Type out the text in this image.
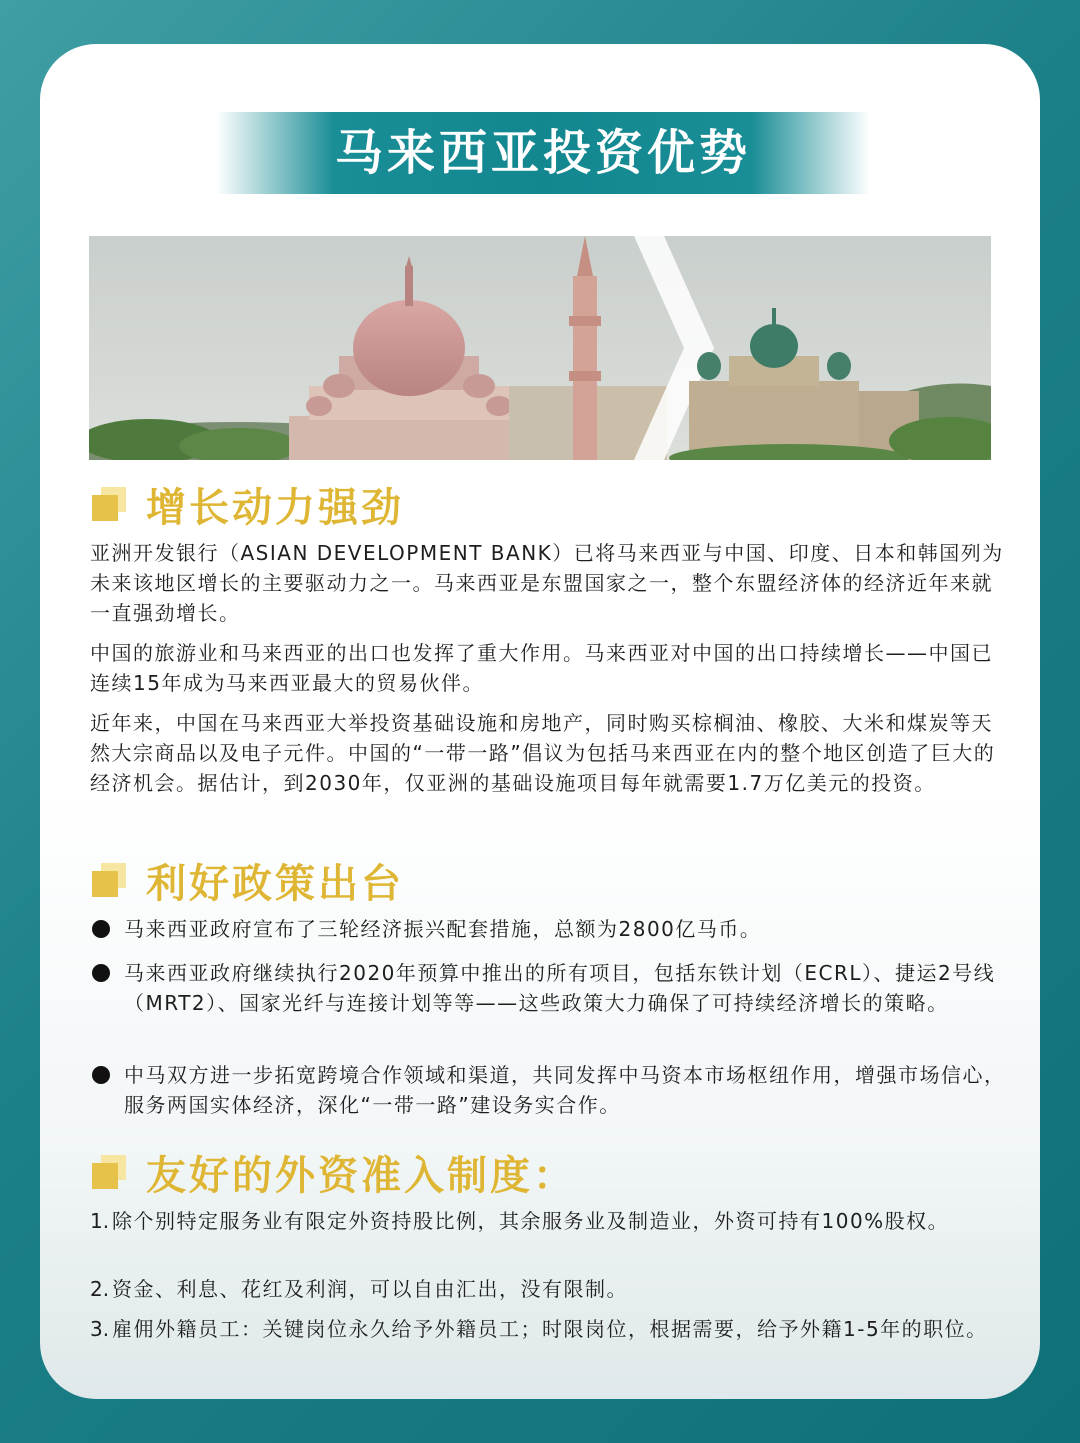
马来西亚投资优势
增长动力强劲

亚洲开发银行（ASIAN DEVELOPMENT BANK）已将马来西亚与中国、印度、日本和韩国列为未来该地区增长的主要驱动力之一。马来西亚是东盟国家之一，整个东盟经济体的经济近年来就一直强劲增长。

中国的旅游业和马来西亚的出口也发挥了重大作用。马来西亚对中国的出口持续增长——中国已连续15年成为马来西亚最大的贸易伙伴。

近年来，中国在马来西亚大举投资基础设施和房地产，同时购买棕榈油、橡胶、大米和煤炭等天然大宗商品以及电子元件。中国的“一带一路”倡议为包括马来西亚在内的整个地区创造了巨大的经济机会。据估计，到2030年，仅亚洲的基础设施项目每年就需要1.7万亿美元的投资。

利好政策出台
马来西亚政府宣布了三轮经济振兴配套措施，总额为2800亿马币。
马来西亚政府继续执行2020年预算中推出的所有项目，包括东铁计划（ECRL）、捷运2号线（MRT2）、国家光纤与连接计划等等——这些政策大力确保了可持续经济增长的策略。
中马双方进一步拓宽跨境合作领域和渠道，共同发挥中马资本市场枢纽作用，增强市场信心，服务两国实体经济，深化“一带一路”建设务实合作。
友好的外资准入制度：
1. 除个别特定服务业有限定外资持股比例，其余服务业及制造业，外资可持有100%股权。
2. 资金、利息、花红及利润，可以自由汇出，没有限制。
3. 雇佣外籍员工：关键岗位永久给予外籍员工；时限岗位，根据需要，给予外籍1-5年的职位。
